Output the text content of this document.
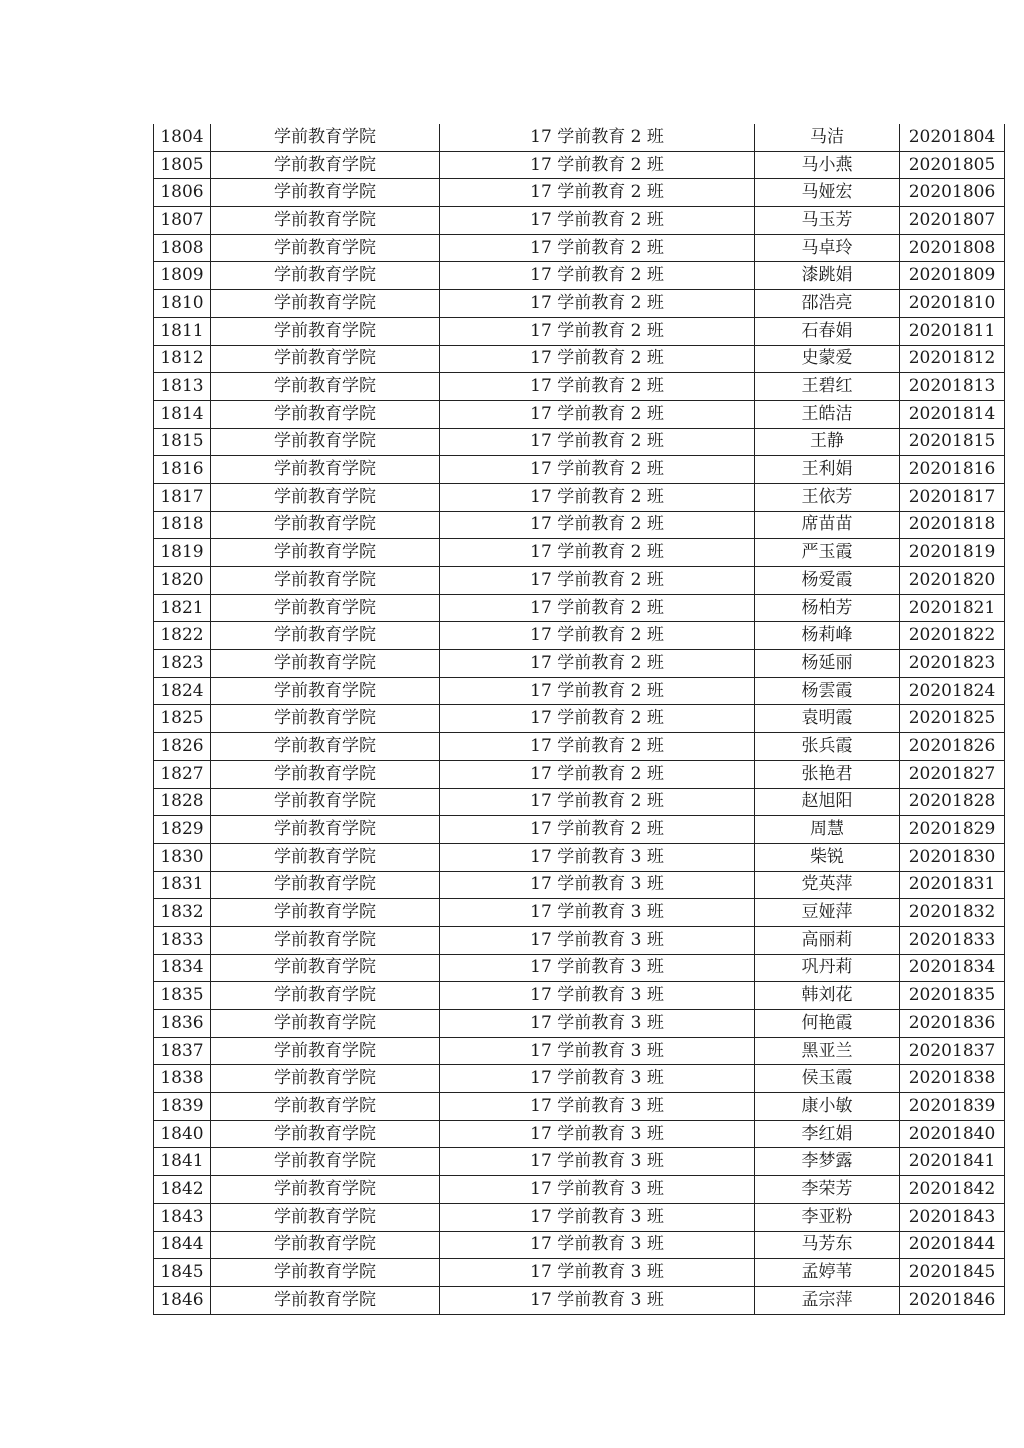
1804	学前教育学院	17 学前教育 2 班	马洁	20201804
1805	学前教育学院	17 学前教育 2 班	马小燕	20201805
1806	学前教育学院	17 学前教育 2 班	马娅宏	20201806
1807	学前教育学院	17 学前教育 2 班	马玉芳	20201807
1808	学前教育学院	17 学前教育 2 班	马卓玲	20201808
1809	学前教育学院	17 学前教育 2 班	漆跳娟	20201809
1810	学前教育学院	17 学前教育 2 班	邵浩亮	20201810
1811	学前教育学院	17 学前教育 2 班	石春娟	20201811
1812	学前教育学院	17 学前教育 2 班	史蒙爱	20201812
1813	学前教育学院	17 学前教育 2 班	王碧红	20201813
1814	学前教育学院	17 学前教育 2 班	王皓洁	20201814
1815	学前教育学院	17 学前教育 2 班	王静	20201815
1816	学前教育学院	17 学前教育 2 班	王利娟	20201816
1817	学前教育学院	17 学前教育 2 班	王依芳	20201817
1818	学前教育学院	17 学前教育 2 班	席苗苗	20201818
1819	学前教育学院	17 学前教育 2 班	严玉霞	20201819
1820	学前教育学院	17 学前教育 2 班	杨爱霞	20201820
1821	学前教育学院	17 学前教育 2 班	杨柏芳	20201821
1822	学前教育学院	17 学前教育 2 班	杨莉峰	20201822
1823	学前教育学院	17 学前教育 2 班	杨延丽	20201823
1824	学前教育学院	17 学前教育 2 班	杨雲霞	20201824
1825	学前教育学院	17 学前教育 2 班	袁明霞	20201825
1826	学前教育学院	17 学前教育 2 班	张兵霞	20201826
1827	学前教育学院	17 学前教育 2 班	张艳君	20201827
1828	学前教育学院	17 学前教育 2 班	赵旭阳	20201828
1829	学前教育学院	17 学前教育 2 班	周慧	20201829
1830	学前教育学院	17 学前教育 3 班	柴锐	20201830
1831	学前教育学院	17 学前教育 3 班	党英萍	20201831
1832	学前教育学院	17 学前教育 3 班	豆娅萍	20201832
1833	学前教育学院	17 学前教育 3 班	高丽莉	20201833
1834	学前教育学院	17 学前教育 3 班	巩丹莉	20201834
1835	学前教育学院	17 学前教育 3 班	韩刘花	20201835
1836	学前教育学院	17 学前教育 3 班	何艳霞	20201836
1837	学前教育学院	17 学前教育 3 班	黑亚兰	20201837
1838	学前教育学院	17 学前教育 3 班	侯玉霞	20201838
1839	学前教育学院	17 学前教育 3 班	康小敏	20201839
1840	学前教育学院	17 学前教育 3 班	李红娟	20201840
1841	学前教育学院	17 学前教育 3 班	李梦露	20201841
1842	学前教育学院	17 学前教育 3 班	李荣芳	20201842
1843	学前教育学院	17 学前教育 3 班	李亚粉	20201843
1844	学前教育学院	17 学前教育 3 班	马芳东	20201844
1845	学前教育学院	17 学前教育 3 班	孟婷苇	20201845
1846	学前教育学院	17 学前教育 3 班	孟宗萍	20201846
